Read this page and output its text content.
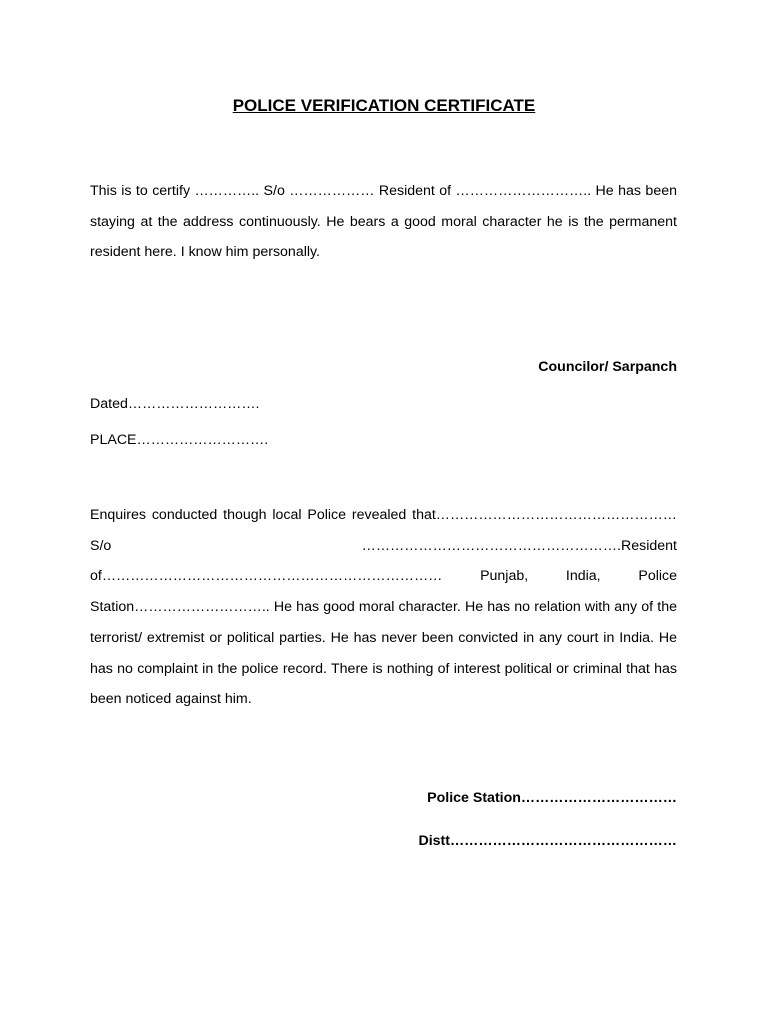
POLICE VERIFICATION CERTIFICATE
This is to certify ………….. S/o ……………… Resident of ……………………….. He has been staying at the address continuously. He bears a good moral character he is the permanent resident here. I know him personally.
Councilor/ Sarpanch
Dated……………………….
PLACE……………………….
Enquires conducted though local Police revealed that…………………………………………… S/o ……………………………………………….Resident of……………………………………………………………… Punjab, India, Police Station……………………….. He has good moral character. He has no relation with any of the terrorist/ extremist or political parties. He has never been convicted in any court in India. He has no complaint in the police record. There is nothing of interest political or criminal that has been noticed against him.
Police Station……………………………
Distt…………………………………………
